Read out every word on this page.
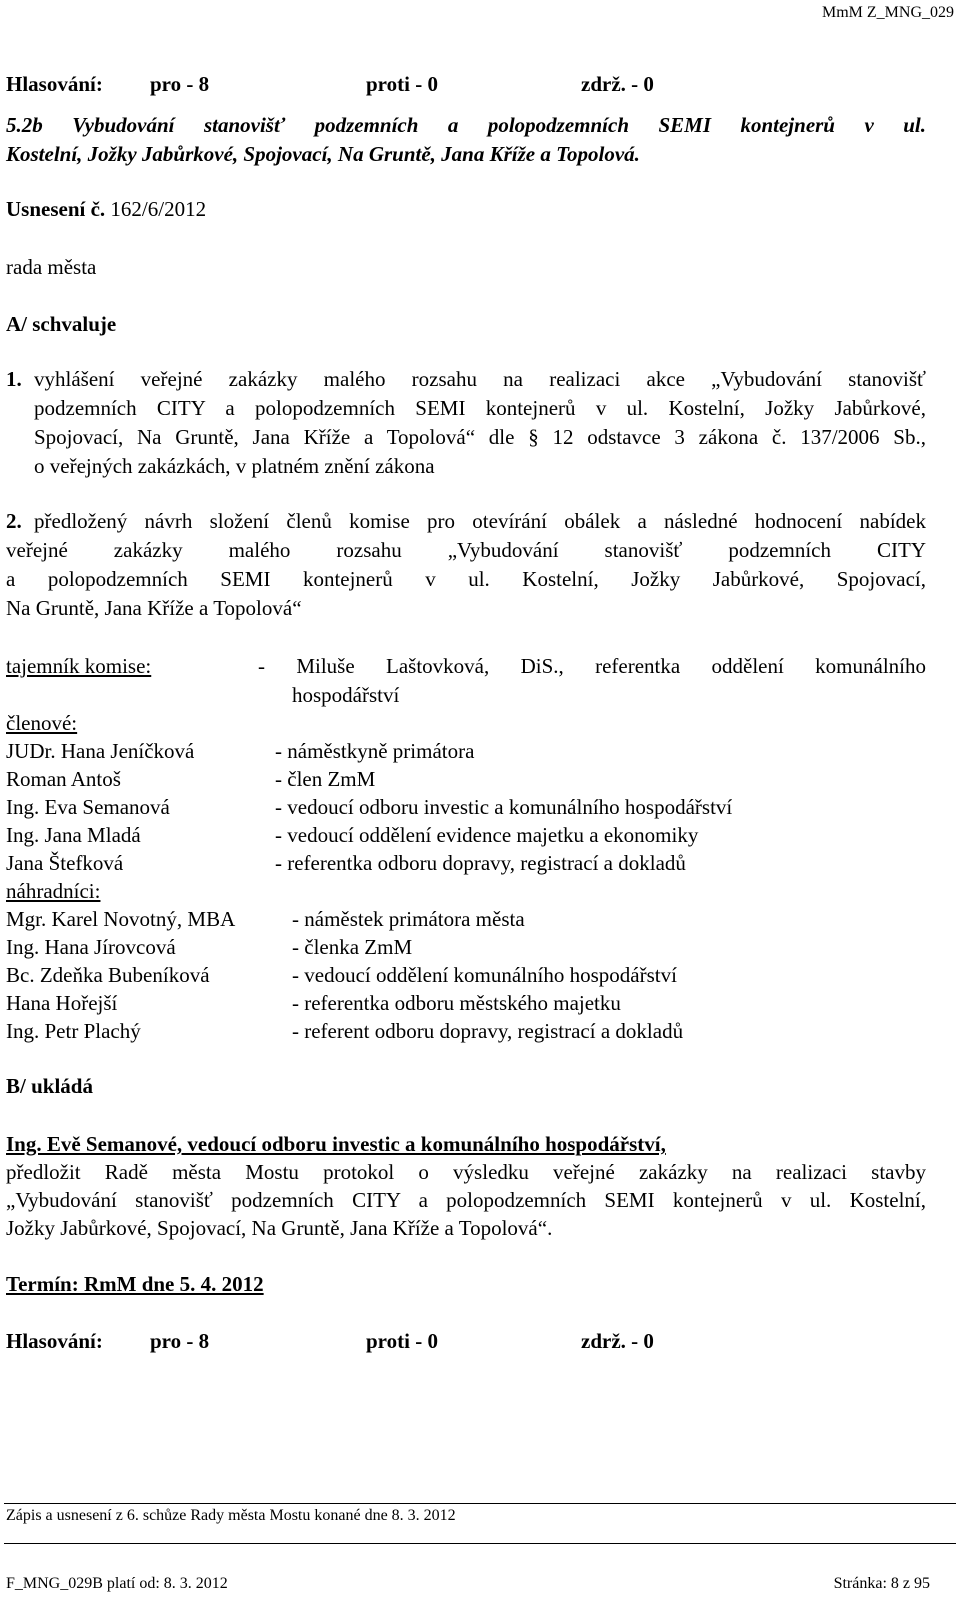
MmM Z_MNG_029
Hlasování: pro - 8	proti - 0	zdrž. - 0
5.2b Vybudování stanovišť podzemních a polopodzemních SEMI kontejnerů v ul.
Kostelní, Jožky Jabůrkové, Spojovací, Na Gruntě, Jana Kříže a Topolová.
Usnesení č. 162/6/2012
rada města
A/ schvaluje
1. vyhlášení veřejné zakázky malého rozsahu na realizaci akce „Vybudování stanovišť
podzemních CITY a polopodzemních SEMI kontejnerů v ul. Kostelní, Jožky Jabůrkové,
Spojovací, Na Gruntě, Jana Kříže a Topolová“ dle § 12 odstavce 3 zákona č. 137/2006 Sb.,
o veřejných zakázkách, v platném znění zákona
2. předložený návrh složení členů komise pro otevírání obálek a následné hodnocení nabídek
veřejné zakázky malého rozsahu „Vybudování stanovišť podzemních CITY
a polopodzemních SEMI kontejnerů v ul. Kostelní, Jožky Jabůrkové, Spojovací,
Na Gruntě, Jana Kříže a Topolová“
tajemník komise:	- Miluše Laštovková, DiS., referentka oddělení komunálního
hospodářství
členové:
JUDr. Hana Jeníčková	- náměstkyně primátora
Roman Antoš	- člen ZmM
Ing. Eva Semanová	- vedoucí odboru investic a komunálního hospodářství
Ing. Jana Mladá	- vedoucí oddělení evidence majetku a ekonomiky
Jana Štefková	- referentka odboru dopravy, registrací a dokladů
náhradníci:
Mgr. Karel Novotný, MBA	- náměstek primátora města
Ing. Hana Jírovcová	- členka ZmM
Bc. Zdeňka Bubeníková	- vedoucí oddělení komunálního hospodářství
Hana Hořejší	- referentka odboru městského majetku
Ing. Petr Plachý	- referent odboru dopravy, registrací a dokladů
B/ ukládá
Ing. Evě Semanové, vedoucí odboru investic a komunálního hospodářství,
předložit Radě města Mostu protokol o výsledku veřejné zakázky na realizaci stavby
„Vybudování stanovišť podzemních CITY a polopodzemních SEMI kontejnerů v ul. Kostelní,
Jožky Jabůrkové, Spojovací, Na Gruntě, Jana Kříže a Topolová“.
Termín: RmM dne 5. 4. 2012
Hlasování: pro - 8	proti - 0	zdrž. - 0
Zápis a usnesení z 6. schůze Rady města Mostu konané dne 8. 3. 2012
F_MNG_029B platí od: 8. 3. 2012	Stránka: 8 z 95
